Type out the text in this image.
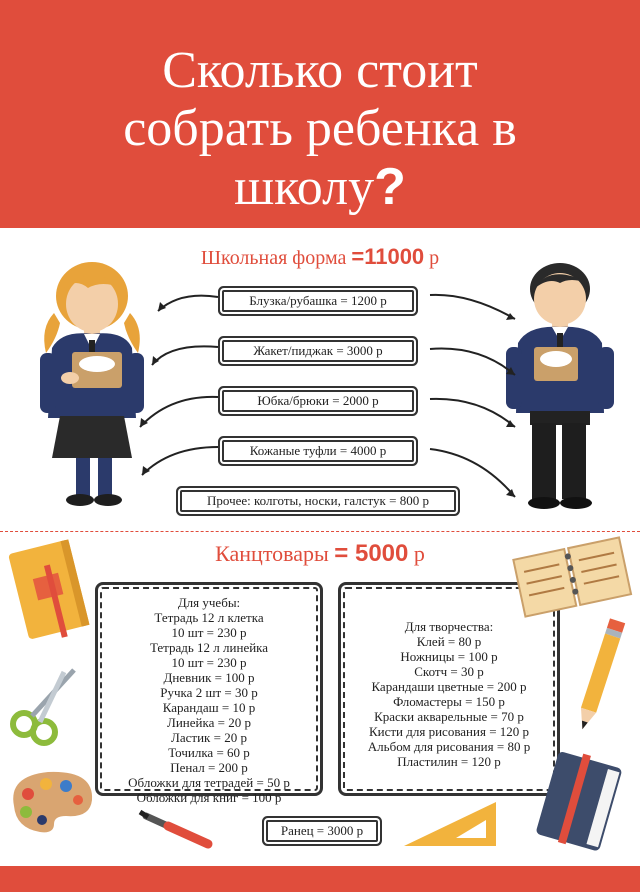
Сколько стоит
собрать ребенка в
школу?
Школьная форма =11000 р
Блузка/рубашка = 1200 р
Жакет/пиджак = 3000 р
Юбка/брюки = 2000 р
Кожаные туфли = 4000 р
Прочее: колготы, носки, галстук = 800 р
Канцтовары = 5000 р
Для учебы:
Тетрадь 12 л клетка
10 шт = 230 р
Тетрадь 12 л линейка
10 шт = 230 р
Дневник = 100 р
Ручка 2 шт = 30 р
Карандаш = 10 р
Линейка = 20 р
Ластик = 20 р
Точилка = 60 р
Пенал = 200 р
Обложки для тетрадей = 50 р
Обложки для книг = 100 р
Для творчества:
Клей = 80 р
Ножницы = 100 р
Скотч = 30 р
Карандаши цветные = 200 р
Фломастеры = 150 р
Краски акварельные = 70 р
Кисти для рисования = 120 р
Альбом для рисования = 80 р
Пластилин = 120 р
Ранец = 3000 р
